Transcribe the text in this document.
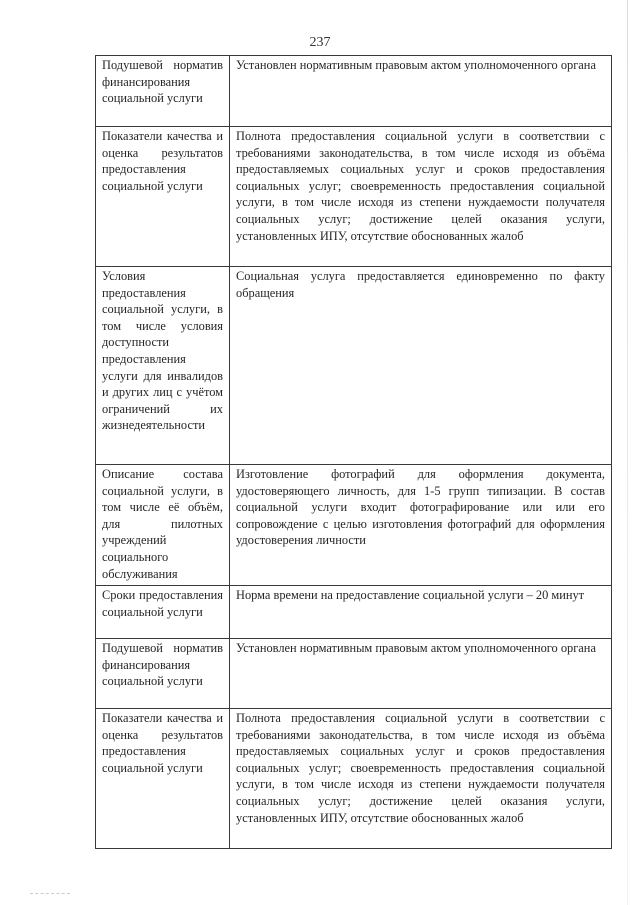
237
Подушевой норматив финансирования социальной услуги	Установлен нормативным правовым актом уполномоченного органа
Показатели качества и оценка результатов предоставления социальной услуги	Полнота предоставления социальной услуги в соответствии с требованиями законодательства, в том числе исходя из объёма предоставляемых социальных услуг и сроков предоставления социальных услуг; своевременность предоставления социальной услуги, в том числе исходя из степени нуждаемости получателя социальных услуг; достижение целей оказания услуги, установленных ИПУ, отсутствие обоснованных жалоб
Условия предоставления социальной услуги, в том числе условия доступности предоставления услуги для инвалидов и других лиц с учётом ограничений их жизнедеятельности	Социальная услуга предоставляется единовременно по факту обращения
Описание состава социальной услуги, в том числе её объём, для пилотных учреждений социального обслуживания	Изготовление фотографий для оформления документа, удостоверяющего личность, для 1-5 групп типизации. В состав социальной услуги входит фотографирование или или его сопровождение с целью изготовления фотографий для оформления удостоверения личности
Сроки предоставления социальной услуги	Норма времени на предоставление социальной услуги – 20 минут
Подушевой норматив финансирования социальной услуги	Установлен нормативным правовым актом уполномоченного органа
Показатели качества и оценка результатов предоставления социальной услуги	Полнота предоставления социальной услуги в соответствии с требованиями законодательства, в том числе исходя из объёма предоставляемых социальных услуг и сроков предоставления социальных услуг; своевременность предоставления социальной услуги, в том числе исходя из степени нуждаемости получателя социальных услуг; достижение целей оказания услуги, установленных ИПУ, отсутствие обоснованных жалоб
